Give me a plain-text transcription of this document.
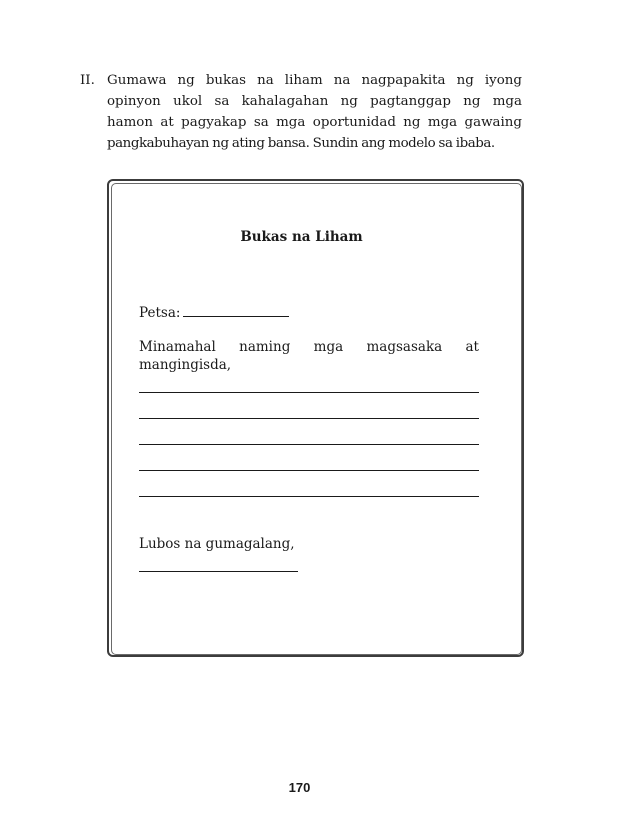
II. Gumawa ng bukas na liham na nagpapakita ng iyong
opinyon ukol sa kahalagahan ng pagtanggap ng mga
hamon at pagyakap sa mga oportunidad ng mga gawaing
pangkabuhayan ng ating bansa. Sundin ang modelo sa ibaba.
Bukas na Liham
Petsa:
Minamahal naming mga magsasaka at
mangingisda,
Lubos na gumagalang,
170
